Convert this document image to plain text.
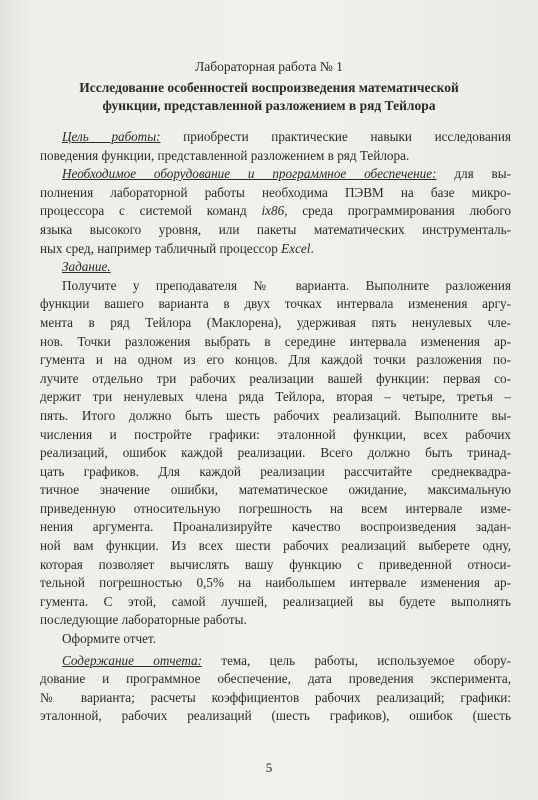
Лабораторная работа № 1
Исследование особенностей воспроизведения математической
функции, представленной разложением в ряд Тейлора
Цель работы: приобрести практические навыки исследования
поведения функции, представленной разложением в ряд Тейлора.
Необходимое оборудование и программное обеспечение: для вы-
полнения лабораторной работы необходима ПЭВМ на базе микро-
процессора с системой команд ix86, среда программирования любого
языка высокого уровня, или пакеты математических инструменталь-
ных сред, например табличный процессор Excel.
Задание.
Получите у преподавателя № варианта. Выполните разложения
функции вашего варианта в двух точках интервала изменения аргу-
мента в ряд Тейлора (Маклорена), удерживая пять ненулевых чле-
нов. Точки разложения выбрать в середине интервала изменения ар-
гумента и на одном из его концов. Для каждой точки разложения по-
лучите отдельно три рабочих реализации вашей функции: первая со-
держит три ненулевых члена ряда Тейлора, вторая – четыре, третья –
пять. Итого должно быть шесть рабочих реализаций. Выполните вы-
числения и постройте графики: эталонной функции, всех рабочих
реализаций, ошибок каждой реализации. Всего должно быть тринад-
цать графиков. Для каждой реализации рассчитайте среднеквадра-
тичное значение ошибки, математическое ожидание, максимальную
приведенную относительную погрешность на всем интервале изме-
нения аргумента. Проанализируйте качество воспроизведения задан-
ной вам функции. Из всех шести рабочих реализаций выберете одну,
которая позволяет вычислять вашу функцию с приведенной относи-
тельной погрешностью 0,5% на наибольшем интервале изменения ар-
гумента. С этой, самой лучшей, реализацией вы будете выполнять
последующие лабораторные работы.
Оформите отчет.
Содержание отчета: тема, цель работы, используемое обору-
дование и программное обеспечение, дата проведения эксперимента,
№ варианта; расчеты коэффициентов рабочих реализаций; графики:
эталонной, рабочих реализаций (шесть графиков), ошибок (шесть
5
